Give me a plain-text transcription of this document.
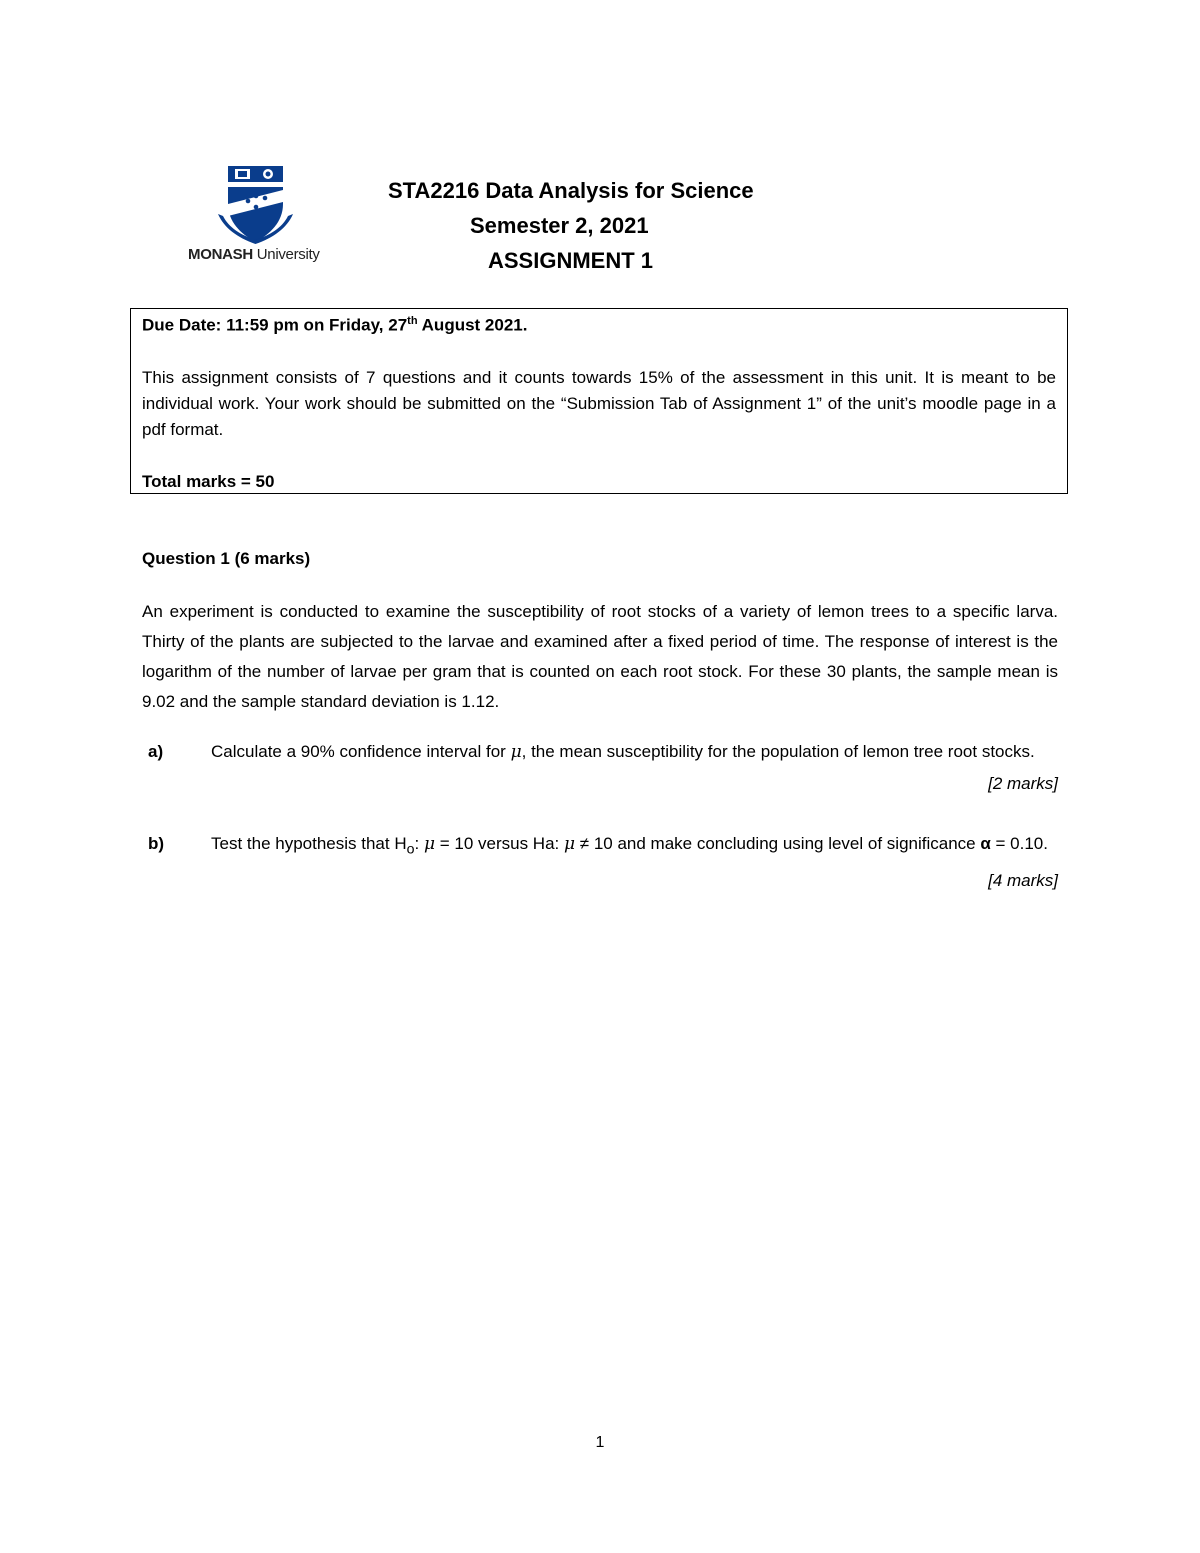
MONASH University
STA2216 Data Analysis for Science
Semester 2, 2021
ASSIGNMENT 1
Due Date: 11:59 pm on Friday, 27th August 2021.
This assignment consists of 7 questions and it counts towards 15% of the assessment in this unit. It is meant to be individual work. Your work should be submitted on the “Submission Tab of Assignment 1” of the unit’s moodle page in a pdf format.
Total marks = 50
Question 1 (6 marks)
An experiment is conducted to examine the susceptibility of root stocks of a variety of lemon trees to a specific larva. Thirty of the plants are subjected to the larvae and examined after a fixed period of time. The response of interest is the logarithm of the number of larvae per gram that is counted on each root stock. For these 30 plants, the sample mean is 9.02 and the sample standard deviation is 1.12.
a)	Calculate a 90% confidence interval for μ, the mean susceptibility for the population of lemon tree root stocks.
[2 marks]
b)	Test the hypothesis that $H_o$: μ = 10 versus Ha: μ ≠ 10 and make concluding using level of significance α = 0.10.
[4 marks]
1
